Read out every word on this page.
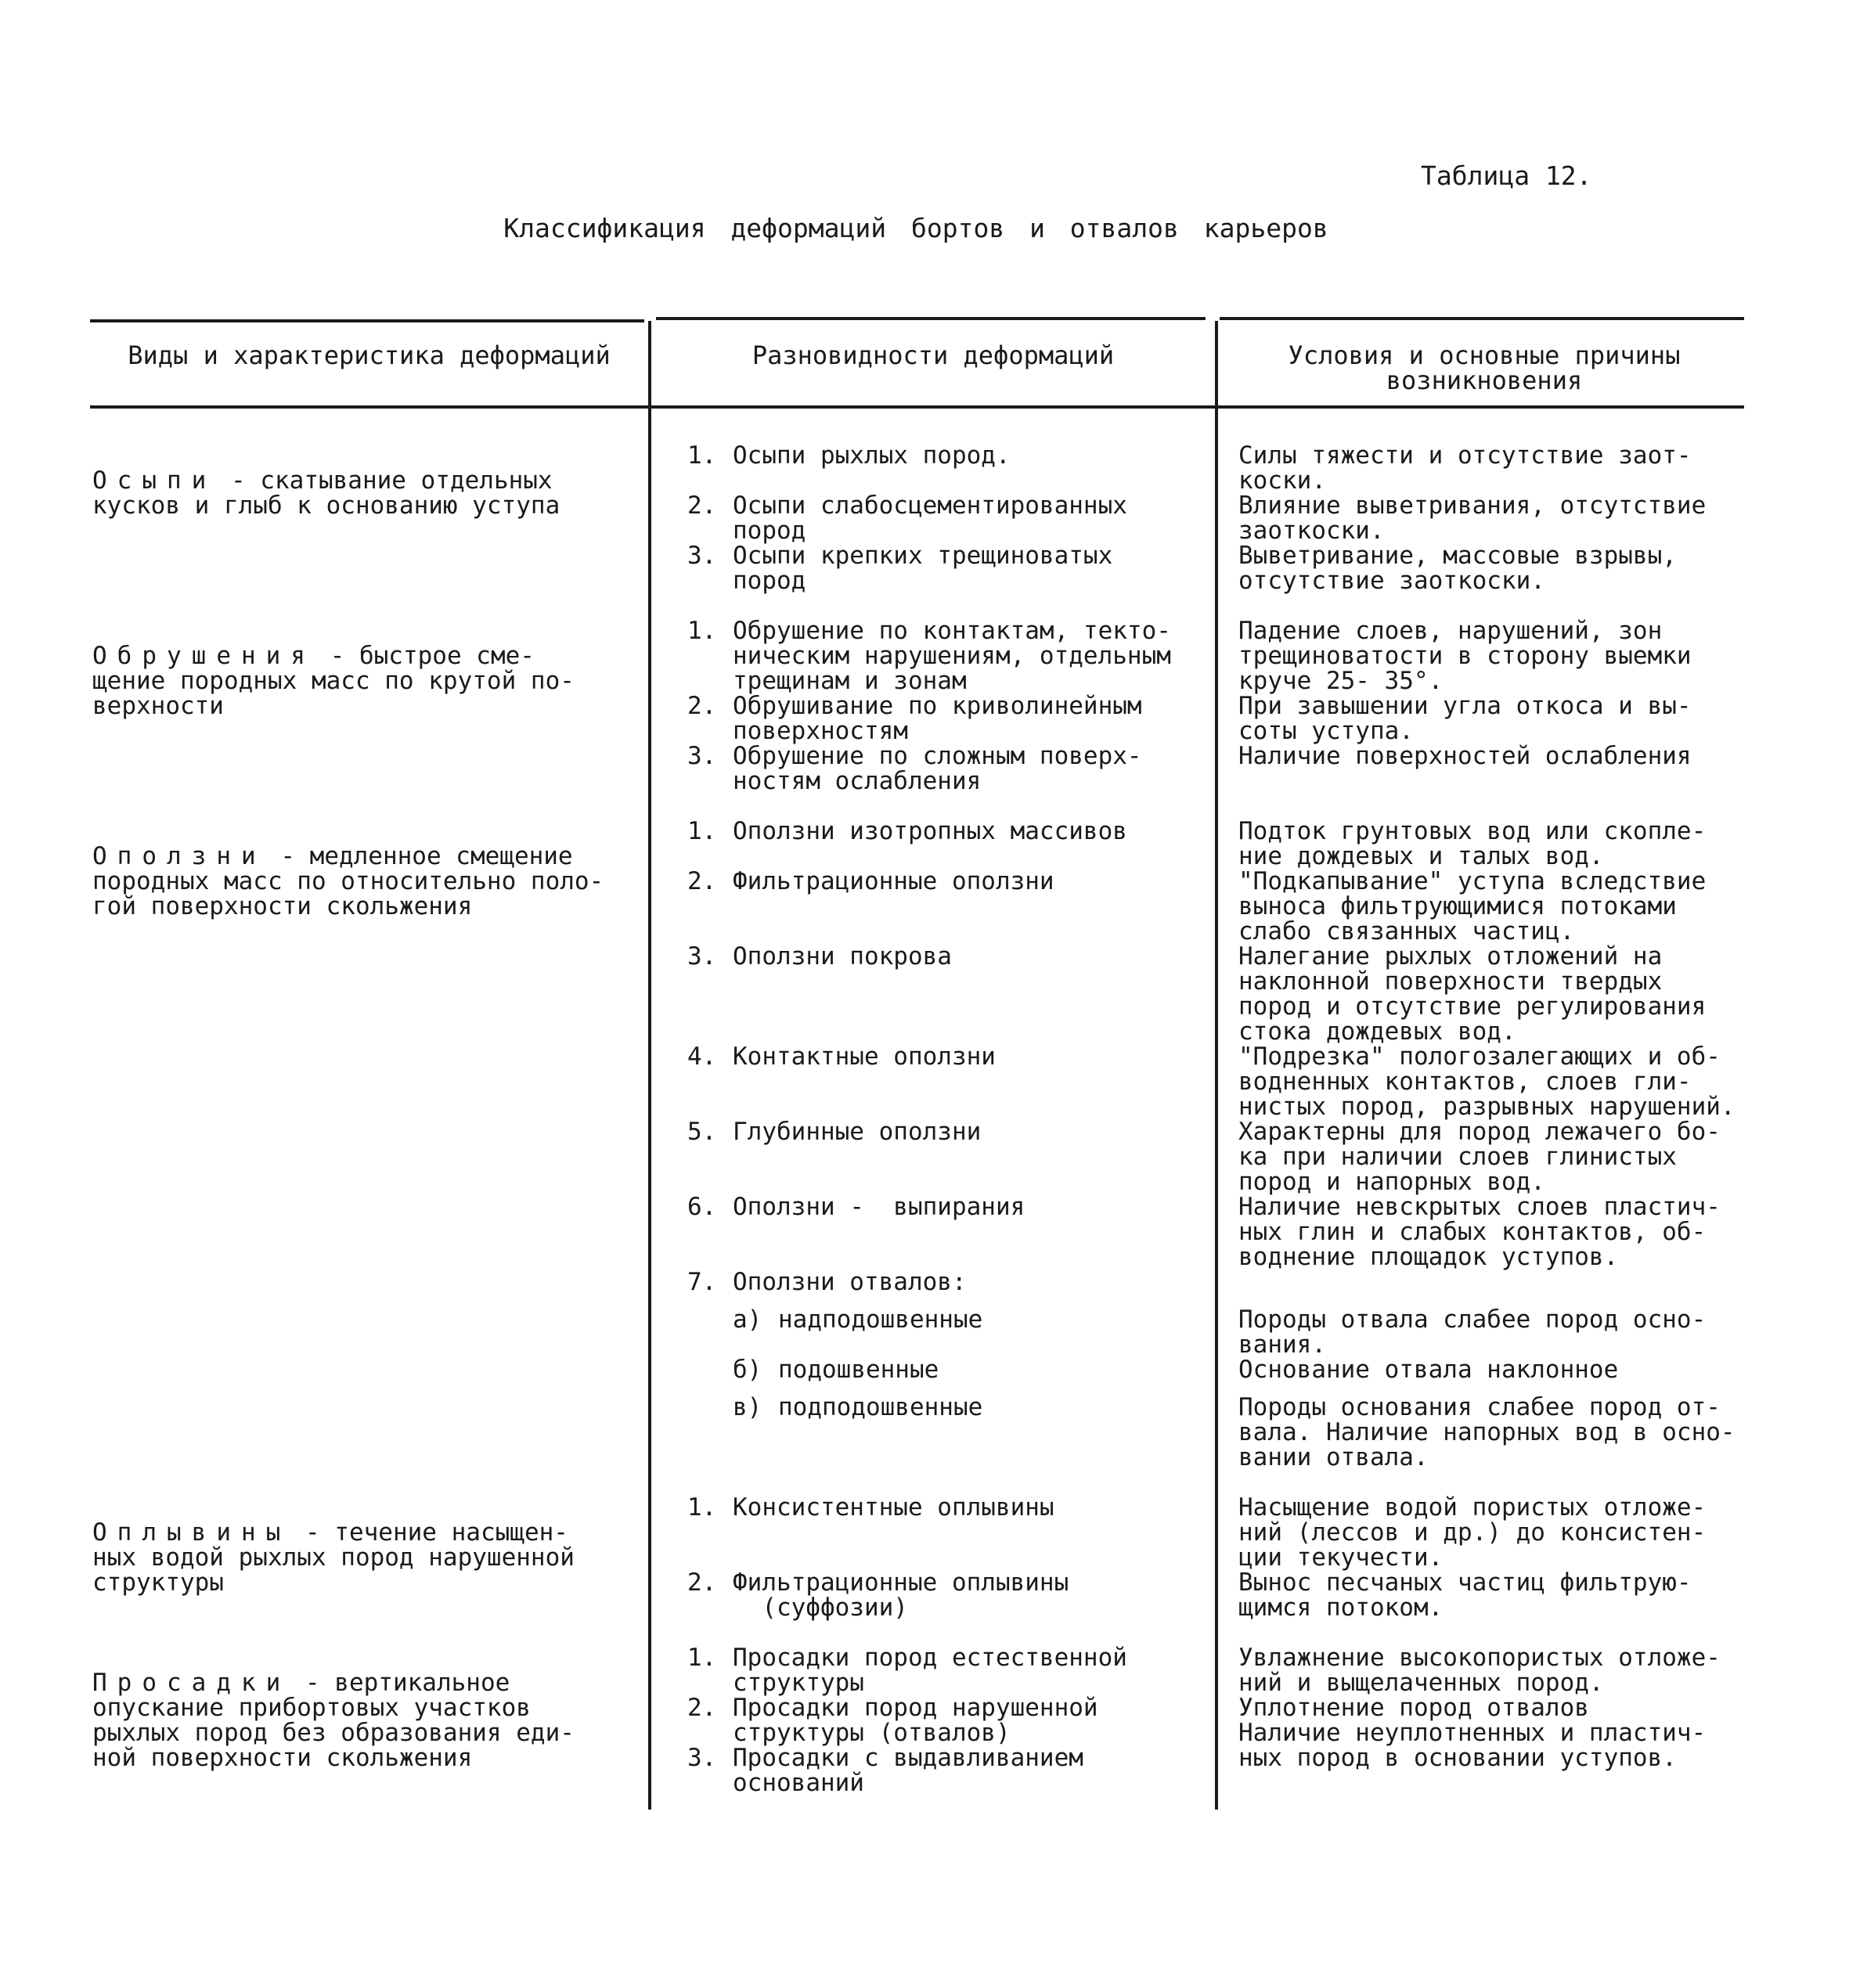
Таблица 12.
Классификация деформаций бортов и отвалов карьеров
Виды и характеристика деформаций	Разновидности деформаций	Условия и основные причины
возникновения

Осыпи - скатывание отдельных
кусков и глыб к основанию уступа
1. Осыпи рыхлых пород.
2. Осыпи слабосцементированных
пород
3. Осыпи крепких трещиноватых
пород
Силы тяжести и отсутствие заот-
коски.
Влияние выветривания, отсутствие
заоткоски.
Выветривание, массовые взрывы,
отсутствие заоткоски.

Обрушения - быстрое сме-
щение породных масс по крутой по-
верхности
1. Обрушение по контактам, текто-
ническим нарушениям, отдельным
трещинам и зонам
2. Обрушивание по криволинейным
поверхностям
3. Обрушение по сложным поверх-
ностям ослабления
Падение слоев, нарушений, зон
трещиноватости в сторону выемки
круче 25- 35°.
При завышении угла откоса и вы-
соты уступа.
Наличие поверхностей ослабления

Оползни - медленное смещение
породных масс по относительно поло-
гой поверхности скольжения
1. Оползни изотропных массивов
2. Фильтрационные оползни
3. Оползни покрова
4. Контактные оползни
5. Глубинные оползни
6. Оползни -  выпирания
7. Оползни отвалов:
а) надподошвенные
б) подошвенные
в) подподошвенные
Подток грунтовых вод или скопле-
ние дождевых и талых вод.
"Подкапывание" уступа вследствие
выноса фильтрующимися потоками
слабо связанных частиц.
Налегание рыхлых отложений на
наклонной поверхности твердых
пород и отсутствие регулирования
стока дождевых вод.
"Подрезка" пологозалегающих и об-
водненных контактов, слоев гли-
нистых пород, разрывных нарушений.
Характерны для пород лежачего бо-
ка при наличии слоев глинистых
пород и напорных вод.
Наличие невскрытых слоев пластич-
ных глин и слабых контактов, об-
воднение площадок уступов.
Породы отвала слабее пород осно-
вания.
Основание отвала наклонное
Породы основания слабее пород от-
вала. Наличие напорных вод в осно-
вании отвала.

Оплывины - течение насыщен-
ных водой рыхлых пород нарушенной
структуры
1. Консистентные оплывины
2. Фильтрационные оплывины
(суффозии)
Насыщение водой пористых отложе-
ний (лессов и др.) до консистен-
ции текучести.
Вынос песчаных частиц фильтрую-
щимся потоком.

Просадки - вертикальное
опускание прибортовых участков
рыхлых пород без образования еди-
ной поверхности скольжения
1. Просадки пород естественной
структуры
2. Просадки пород нарушенной
структуры (отвалов)
3. Просадки с выдавливанием
оснований
Увлажнение высокопористых отложе-
ний и выщелаченных пород.
Уплотнение пород отвалов
Наличие неуплотненных и пластич-
ных пород в основании уступов.
